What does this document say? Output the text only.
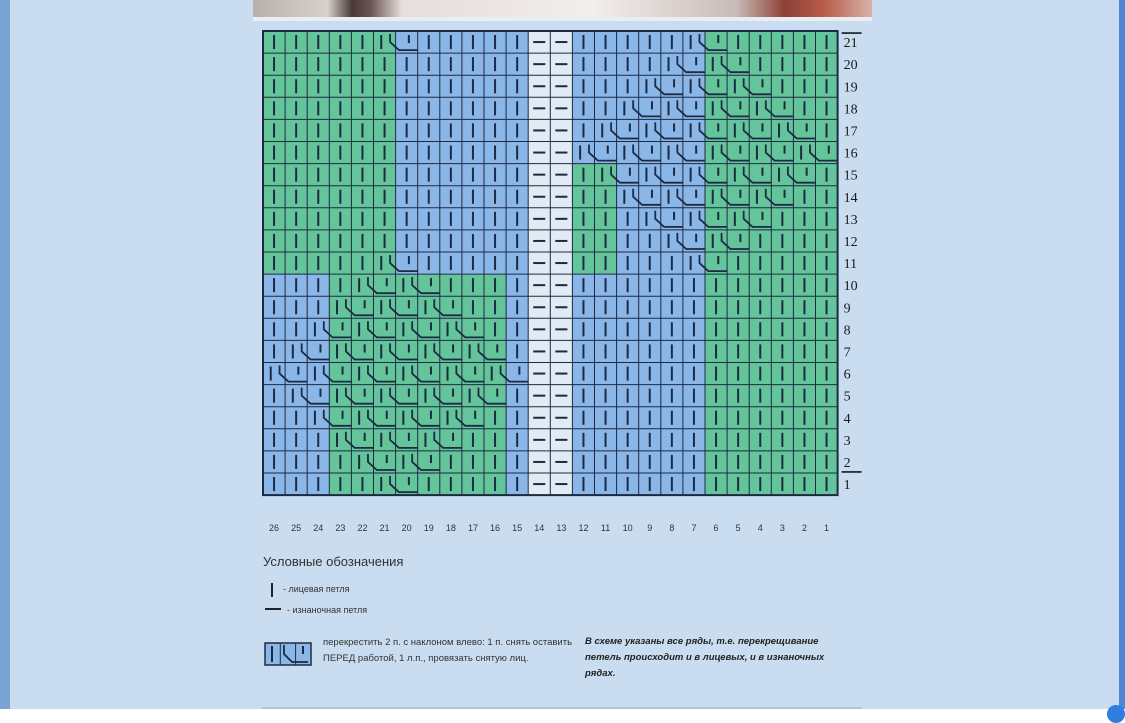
21
20
19
18
17
16
15
14
13
12
11
10
9
8
7
6
5
4
3
2
1
26 25 24 23 22 21 20 19 18 17 16 15 14 13 12 11 10 9 8 7 6 5 4 3 2 1
Условные обозначения
- лицевая петля
- изнаночная петля
перекрестить 2 п. с наклоном влево: 1 п. снять оставить ПЕРЕД работой, 1 л.п., провязать снятую лиц.
В схеме указаны все ряды, т.е. перекрещивание петель происходит и в лицевых, и в изнаночных рядах.
